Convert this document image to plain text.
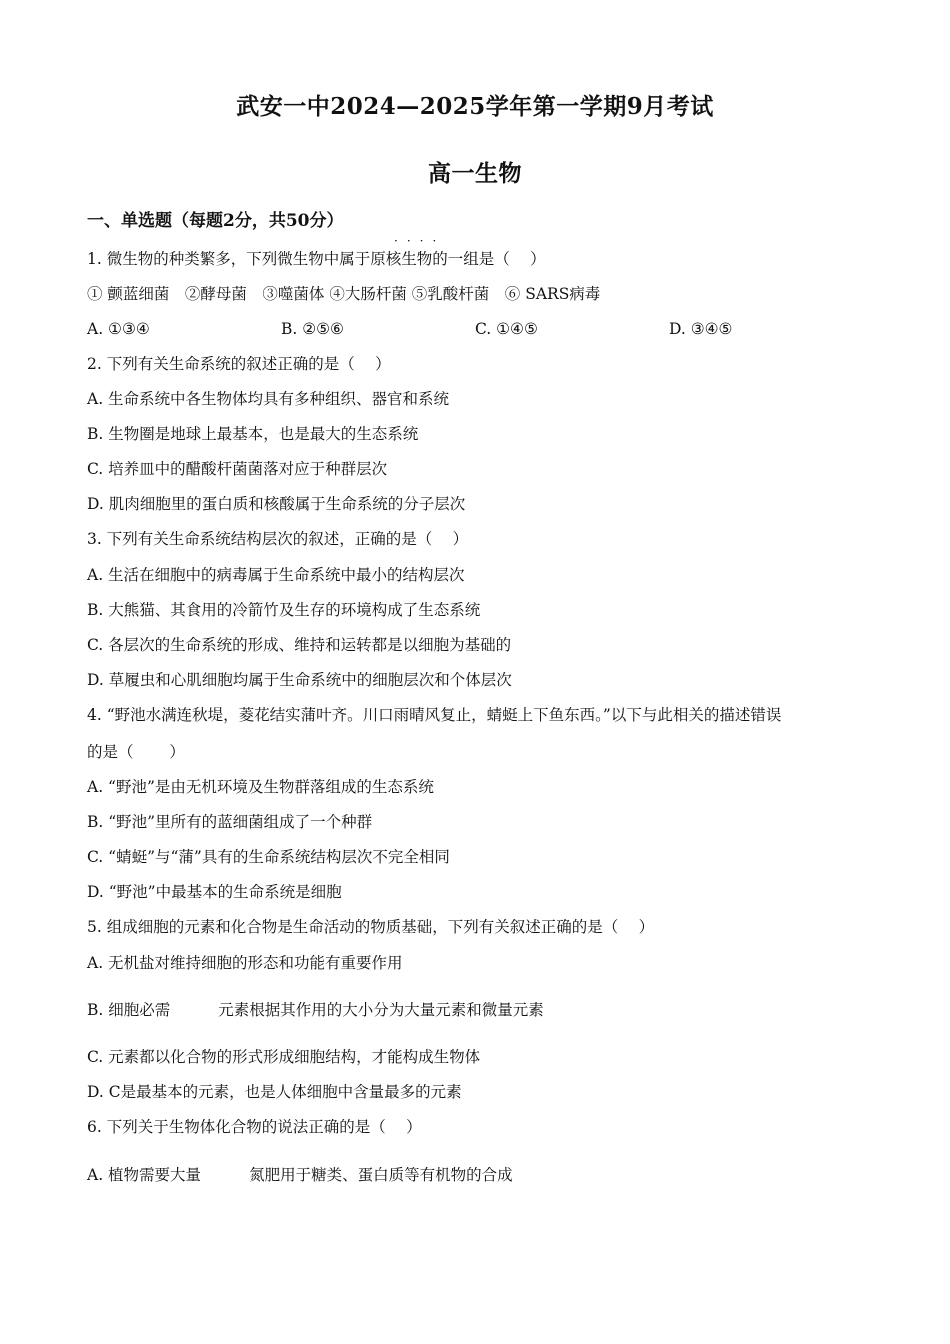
武安一中2024—2025学年第一学期9月考试
高一生物
一、单选题（每题2分，共50分）
····
1. 微生物的种类繁多，下列微生物中属于原核生物的一组是（　 ）
① 颤蓝细菌　②酵母菌　③噬菌体 ④大肠杆菌 ⑤乳酸杆菌　⑥ SARS病毒
A. ①③④	B. ②⑤⑥	C. ①④⑤	D. ③④⑤
2. 下列有关生命系统的叙述正确的是（　 ）
A. 生命系统中各生物体均具有多种组织、器官和系统
B. 生物圈是地球上最基本，也是最大的生态系统
C. 培养皿中的醋酸杆菌菌落对应于种群层次
D. 肌肉细胞里的蛋白质和核酸属于生命系统的分子层次
3. 下列有关生命系统结构层次的叙述，正确的是（　 ）
A. 生活在细胞中的病毒属于生命系统中最小的结构层次
B. 大熊猫、其食用的冷箭竹及生存的环境构成了生态系统
C. 各层次的生命系统的形成、维持和运转都是以细胞为基础的
D. 草履虫和心肌细胞均属于生命系统中的细胞层次和个体层次
4. “野池水满连秋堤，菱花结实蒲叶齐。川口雨晴风复止，蜻蜓上下鱼东西。”以下与此相关的描述错误
的是（　　 ）
A. “野池”是由无机环境及生物群落组成的生态系统
B. “野池”里所有的蓝细菌组成了一个种群
C. “蜻蜓”与“蒲”具有的生命系统结构层次不完全相同
D. “野池”中最基本的生命系统是细胞
5. 组成细胞的元素和化合物是生命活动的物质基础，下列有关叙述正确的是（　 ）
A. 无机盐对维持细胞的形态和功能有重要作用
B. 细胞必需	元素根据其作用的大小分为大量元素和微量元素
C. 元素都以化合物的形式形成细胞结构，才能构成生物体
D. C是最基本的元素，也是人体细胞中含量最多的元素
6. 下列关于生物体化合物的说法正确的是（　 ）
A. 植物需要大量	氮肥用于糖类、蛋白质等有机物的合成
